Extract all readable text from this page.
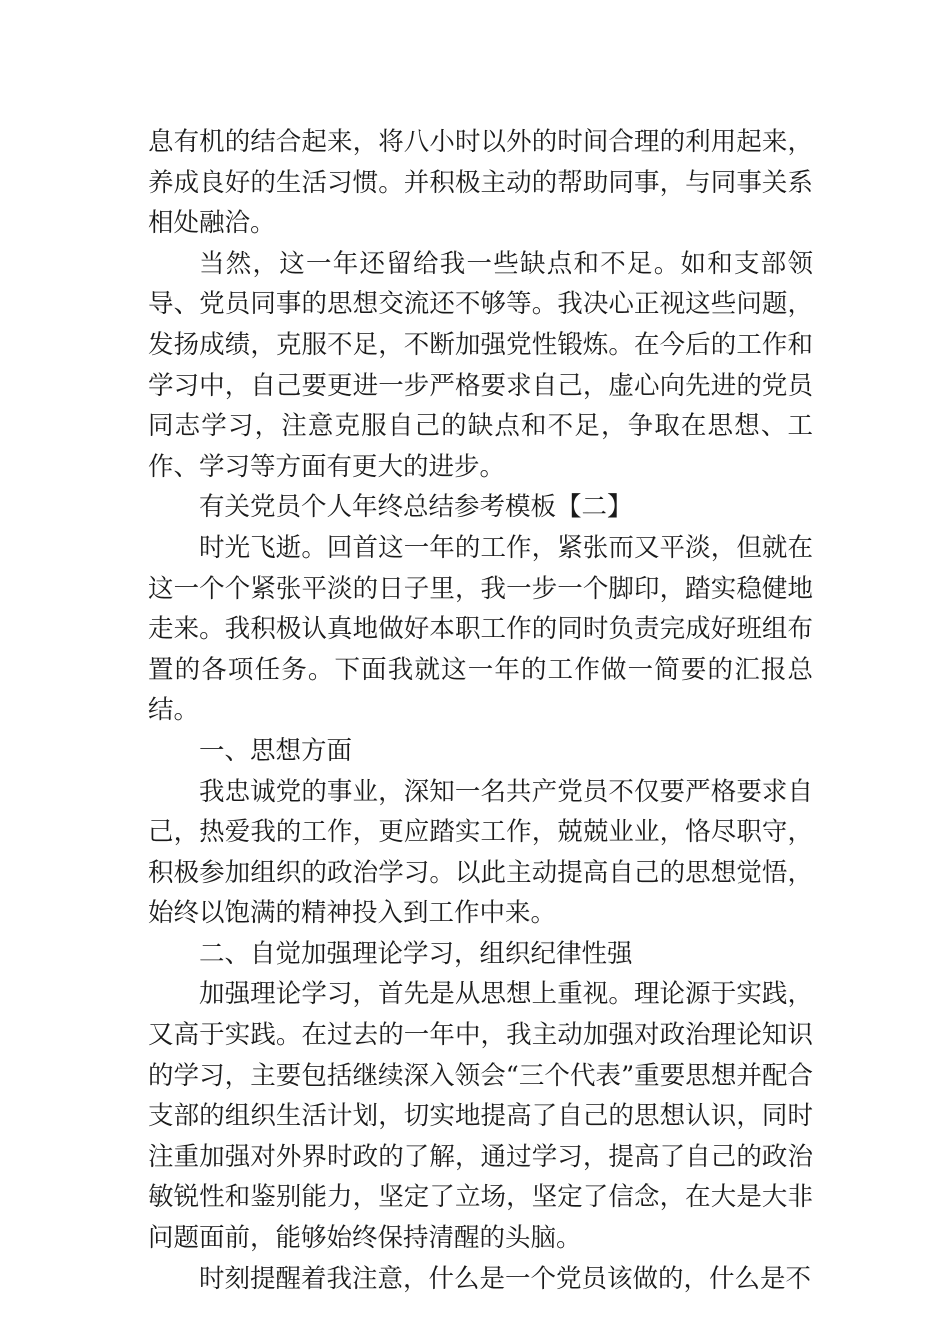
息有机的结合起来，将八小时以外的时间合理的利用起来，养成良好的生活习惯。并积极主动的帮助同事，与同事关系相处融洽。

当然，这一年还留给我一些缺点和不足。如和支部领导、党员同事的思想交流还不够等。我决心正视这些问题，发扬成绩，克服不足，不断加强党性锻炼。在今后的工作和学习中，自己要更进一步严格要求自己，虚心向先进的党员同志学习，注意克服自己的缺点和不足，争取在思想、工作、学习等方面有更大的进步。

有关党员个人年终总结参考模板【二】

时光飞逝。回首这一年的工作，紧张而又平淡，但就在这一个个紧张平淡的日子里，我一步一个脚印，踏实稳健地走来。我积极认真地做好本职工作的同时负责完成好班组布置的各项任务。下面我就这一年的工作做一简要的汇报总结。

一、思想方面

我忠诚党的事业，深知一名共产党员不仅要严格要求自己，热爱我的工作，更应踏实工作，兢兢业业，恪尽职守，积极参加组织的政治学习。以此主动提高自己的思想觉悟，始终以饱满的精神投入到工作中来。

二、自觉加强理论学习，组织纪律性强

加强理论学习，首先是从思想上重视。理论源于实践，又高于实践。在过去的一年中，我主动加强对政治理论知识的学习，主要包括继续深入领会“三个代表”重要思想并配合支部的组织生活计划，切实地提高了自己的思想认识，同时注重加强对外界时政的了解，通过学习，提高了自己的政治敏锐性和鉴别能力，坚定了立场，坚定了信念，在大是大非问题面前，能够始终保持清醒的头脑。

时刻提醒着我注意，什么是一个党员该做的，什么是不
